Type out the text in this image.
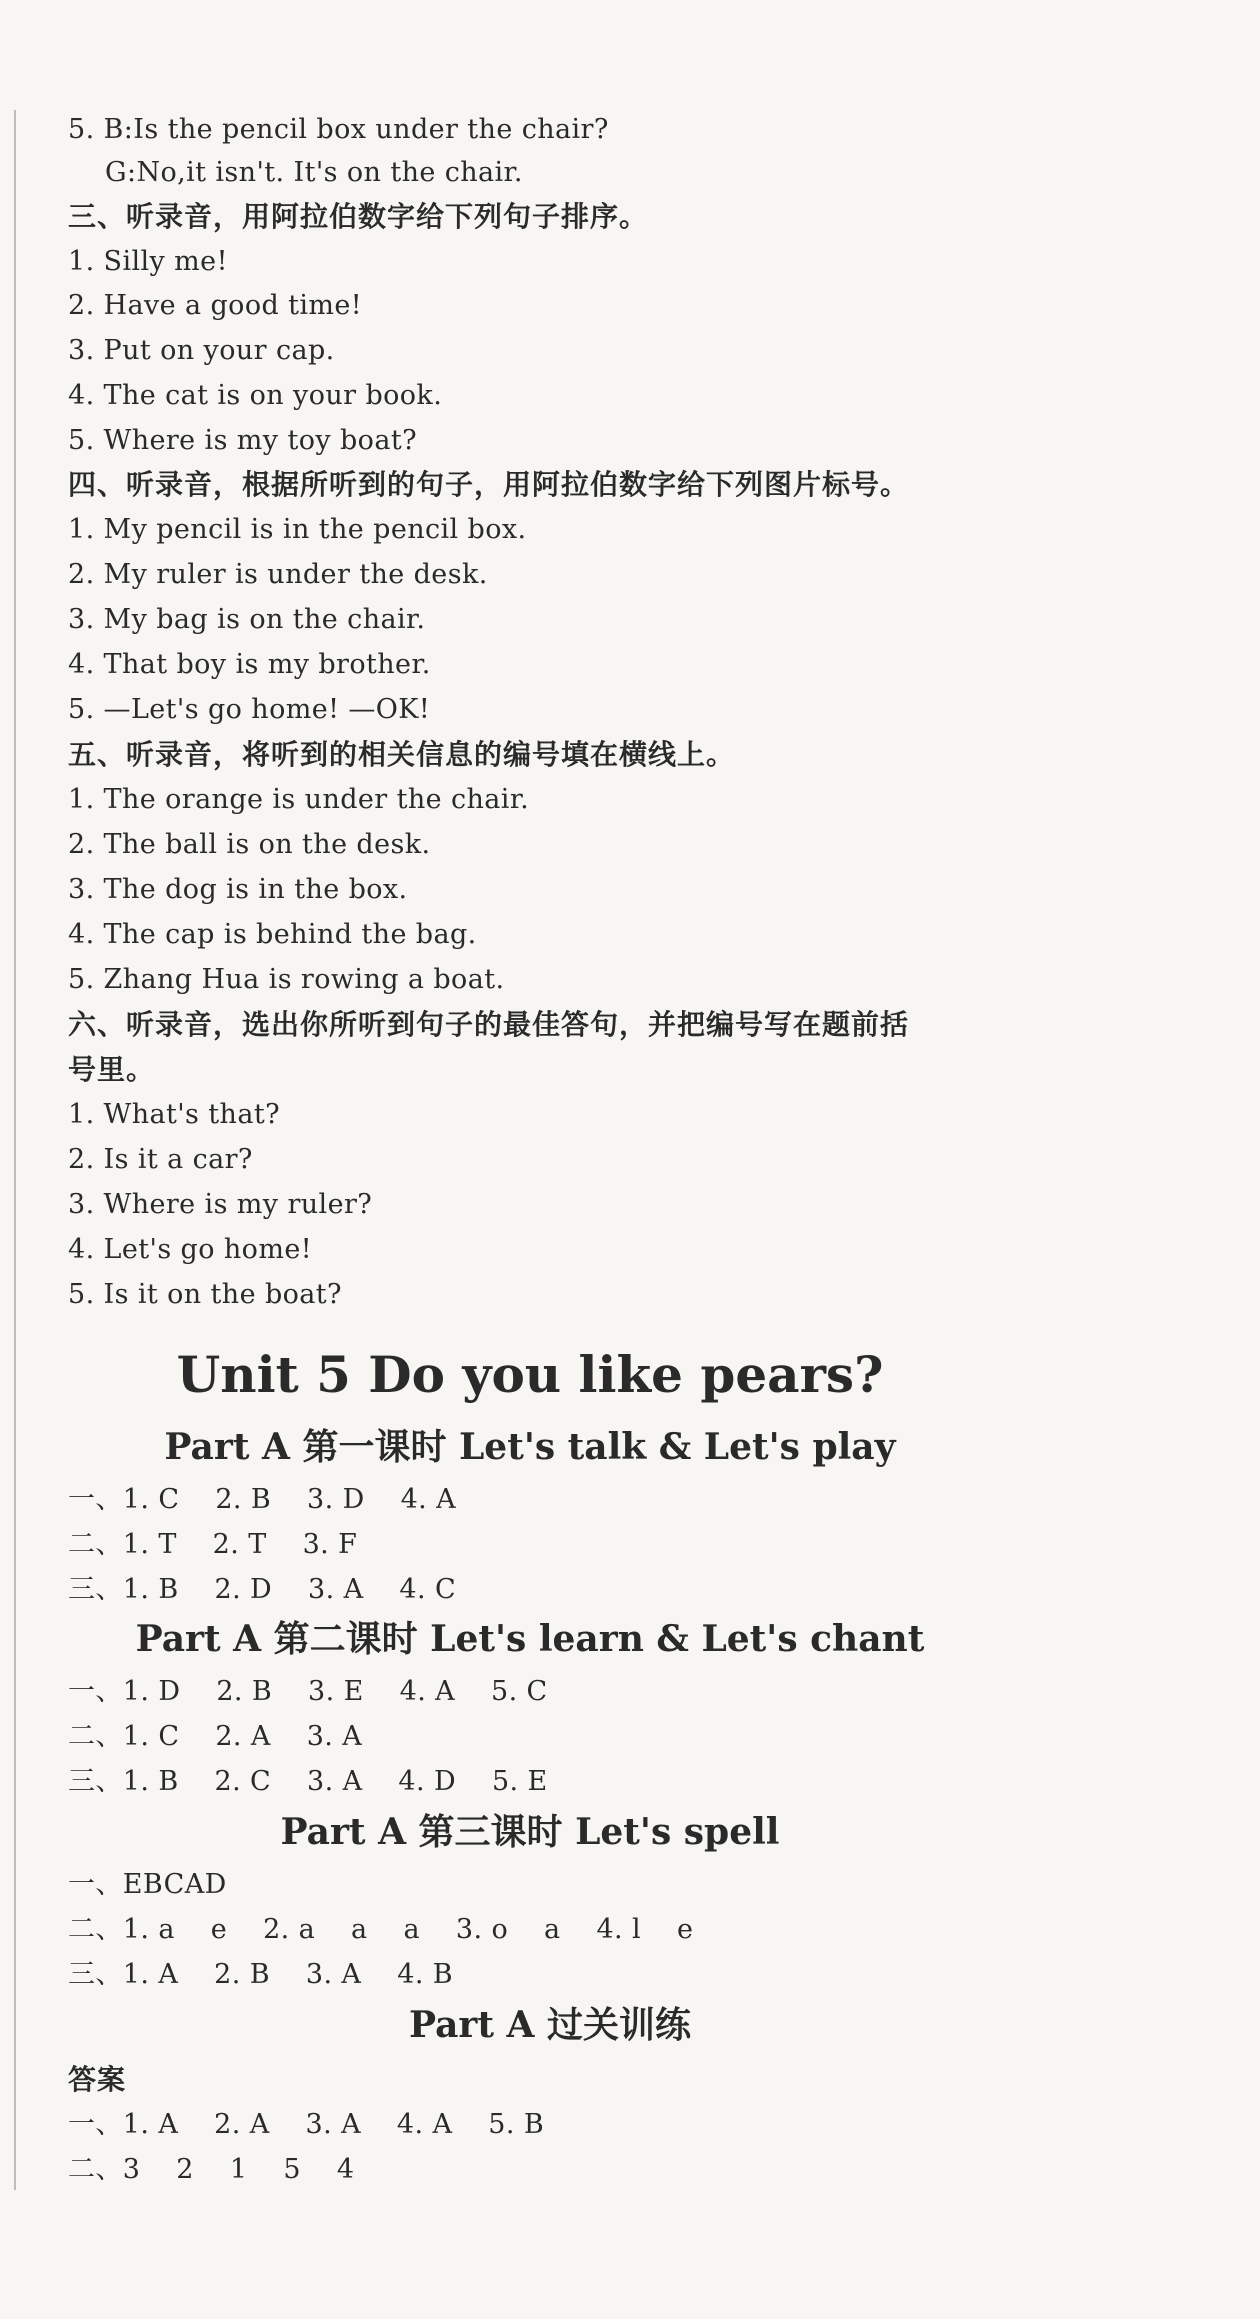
5. B:Is the pencil box under the chair?
G:No,it isn't. It's on the chair.
三、听录音，用阿拉伯数字给下列句子排序。
1. Silly me!
2. Have a good time!
3. Put on your cap.
4. The cat is on your book.
5. Where is my toy boat?
四、听录音，根据所听到的句子，用阿拉伯数字给下列图片标号。
1. My pencil is in the pencil box.
2. My ruler is under the desk.
3. My bag is on the chair.
4. That boy is my brother.
5. —Let's go home! —OK!
五、听录音，将听到的相关信息的编号填在横线上。
1. The orange is under the chair.
2. The ball is on the desk.
3. The dog is in the box.
4. The cap is behind the bag.
5. Zhang Hua is rowing a boat.
六、听录音，选出你所听到句子的最佳答句，并把编号写在题前括
号里。
1. What's that?
2. Is it a car?
3. Where is my ruler?
4. Let's go home!
5. Is it on the boat?
Unit 5 Do you like pears?
Part A 第一课时 Let's talk & Let's play
一、1. C    2. B    3. D    4. A
二、1. T    2. T    3. F
三、1. B    2. D    3. A    4. C
Part A 第二课时 Let's learn & Let's chant
一、1. D    2. B    3. E    4. A    5. C
二、1. C    2. A    3. A
三、1. B    2. C    3. A    4. D    5. E
Part A 第三课时 Let's spell
一、EBCAD
二、1. a    e    2. a    a    a    3. o    a    4. l    e
三、1. A    2. B    3. A    4. B
Part A 过关训练
答案
一、1. A    2. A    3. A    4. A    5. B
二、3    2    1    5    4
